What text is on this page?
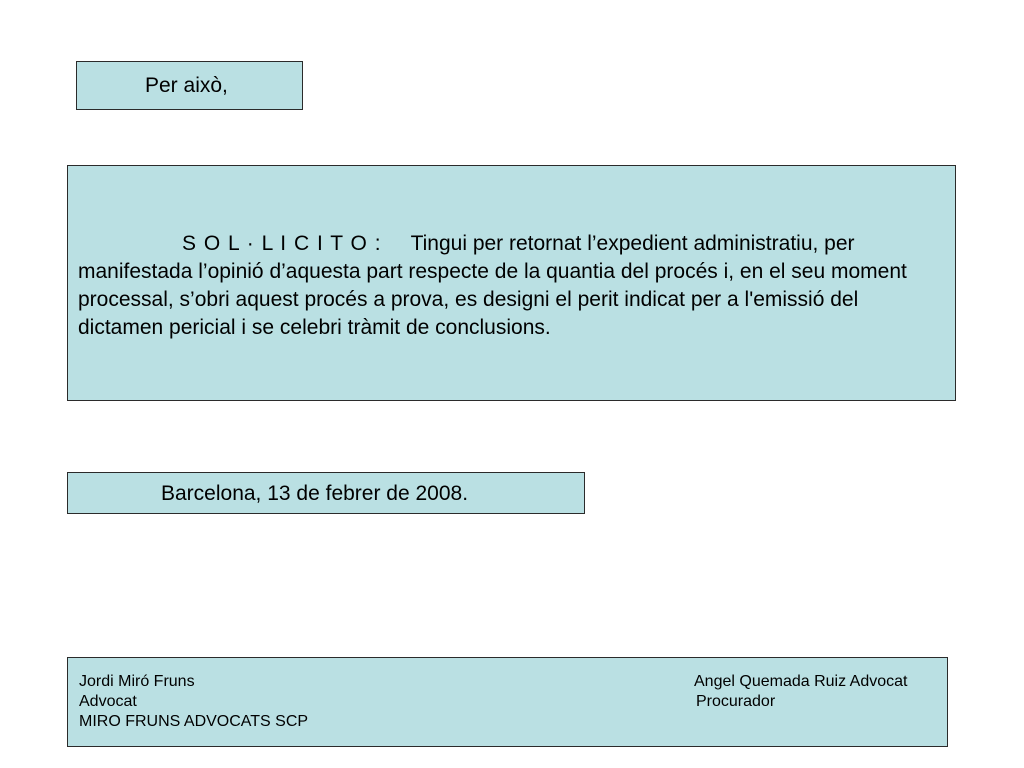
Per això,
S O L · L I C I T O : Tingui per retornat l’expedient administratiu, per manifestada l’opinió d’aquesta part respecte de la quantia del procés i, en el seu moment processal, s’obri aquest procés a prova, es designi el perit indicat per a l'emissió del dictamen pericial i se celebri tràmit de conclusions.
Barcelona, 13 de febrer de 2008.
Jordi Miró Fruns
Advocat
MIRO FRUNS ADVOCATS SCP
Angel Quemada Ruiz Advocat
Procurador
